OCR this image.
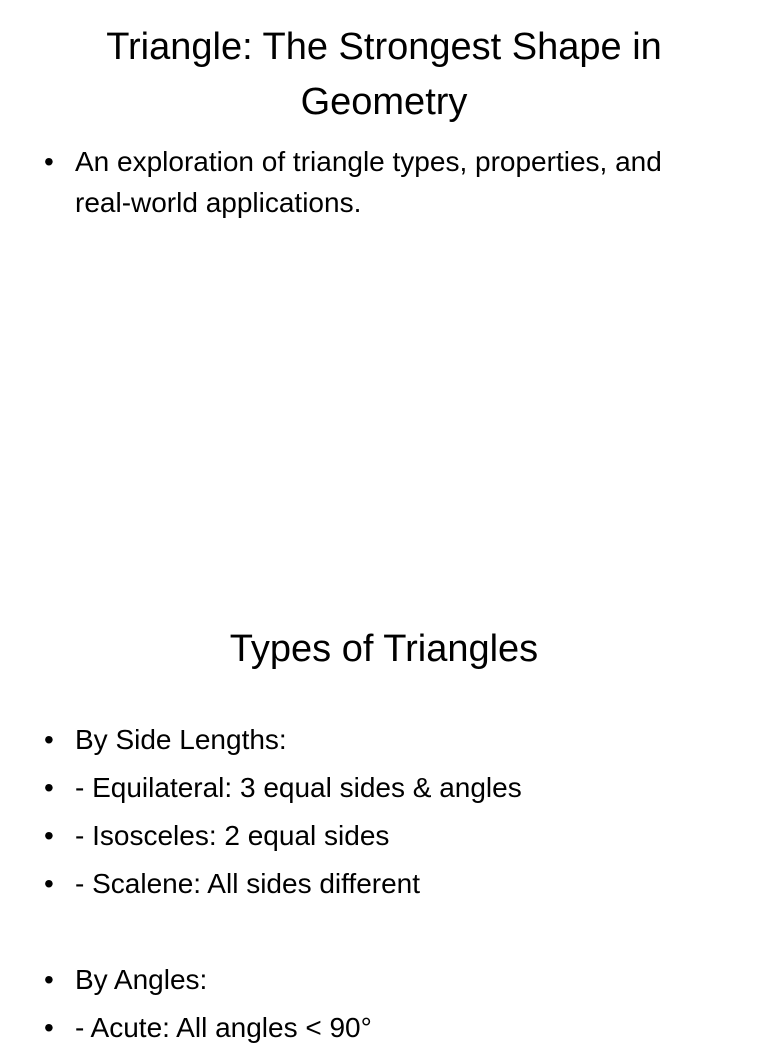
Triangle: The Strongest Shape in Geometry
• An exploration of triangle types, properties, and real-world applications.
Types of Triangles
• By Side Lengths:
• - Equilateral: 3 equal sides & angles
• - Isosceles: 2 equal sides
• - Scalene: All sides different
• By Angles:
• - Acute: All angles < 90°
